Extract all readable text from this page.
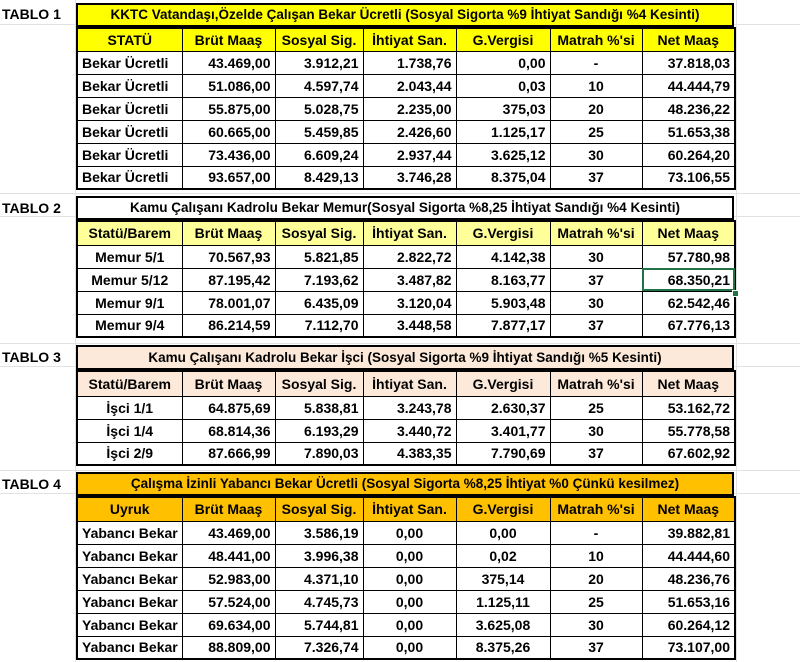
TABLO 1	KKTC Vatandaşı,Özelde Çalışan Bekar Ücretli (Sosyal Sigorta %9 İhtiyat Sandığı %4 Kesinti)
STATÜ	Brüt Maaş	Sosyal Sig.	İhtiyat San.	G.Vergisi	Matrah %'si	Net Maaş
Bekar Ücretli	43.469,00	3.912,21	1.738,76	0,00	-	37.818,03
Bekar Ücretli	51.086,00	4.597,74	2.043,44	0,03	10	44.444,79
Bekar Ücretli	55.875,00	5.028,75	2.235,00	375,03	20	48.236,22
Bekar Ücretli	60.665,00	5.459,85	2.426,60	1.125,17	25	51.653,38
Bekar Ücretli	73.436,00	6.609,24	2.937,44	3.625,12	30	60.264,20
Bekar Ücretli	93.657,00	8.429,13	3.746,28	8.375,04	37	73.106,55
TABLO 2	Kamu Çalışanı Kadrolu Bekar Memur(Sosyal Sigorta %8,25 İhtiyat Sandığı %4 Kesinti)
Statü/Barem	Brüt Maaş	Sosyal Sig.	İhtiyat San.	G.Vergisi	Matrah %'si	Net Maaş
Memur 5/1	70.567,93	5.821,85	2.822,72	4.142,38	30	57.780,98
Memur 5/12	87.195,42	7.193,62	3.487,82	8.163,77	37	68.350,21
Memur 9/1	78.001,07	6.435,09	3.120,04	5.903,48	30	62.542,46
Memur 9/4	86.214,59	7.112,70	3.448,58	7.877,17	37	67.776,13
TABLO 3	Kamu Çalışanı Kadrolu Bekar İşci (Sosyal Sigorta %9 İhtiyat Sandığı %5 Kesinti)
Statü/Barem	Brüt Maaş	Sosyal Sig.	İhtiyat San.	G.Vergisi	Matrah %'si	Net Maaş
İşci 1/1	64.875,69	5.838,81	3.243,78	2.630,37	25	53.162,72
İşci 1/4	68.814,36	6.193,29	3.440,72	3.401,77	30	55.778,58
İşci 2/9	87.666,99	7.890,03	4.383,35	7.790,69	37	67.602,92
TABLO 4	Çalışma İzinli Yabancı Bekar Ücretli (Sosyal Sigorta %8,25 İhtiyat %0 Çünkü kesilmez)
Uyruk	Brüt Maaş	Sosyal Sig.	İhtiyat San.	G.Vergisi	Matrah %'si	Net Maaş
Yabancı Bekar	43.469,00	3.586,19	0,00	0,00	-	39.882,81
Yabancı Bekar	48.441,00	3.996,38	0,00	0,02	10	44.444,60
Yabancı Bekar	52.983,00	4.371,10	0,00	375,14	20	48.236,76
Yabancı Bekar	57.524,00	4.745,73	0,00	1.125,11	25	51.653,16
Yabancı Bekar	69.634,00	5.744,81	0,00	3.625,08	30	60.264,12
Yabancı Bekar	88.809,00	7.326,74	0,00	8.375,26	37	73.107,00
